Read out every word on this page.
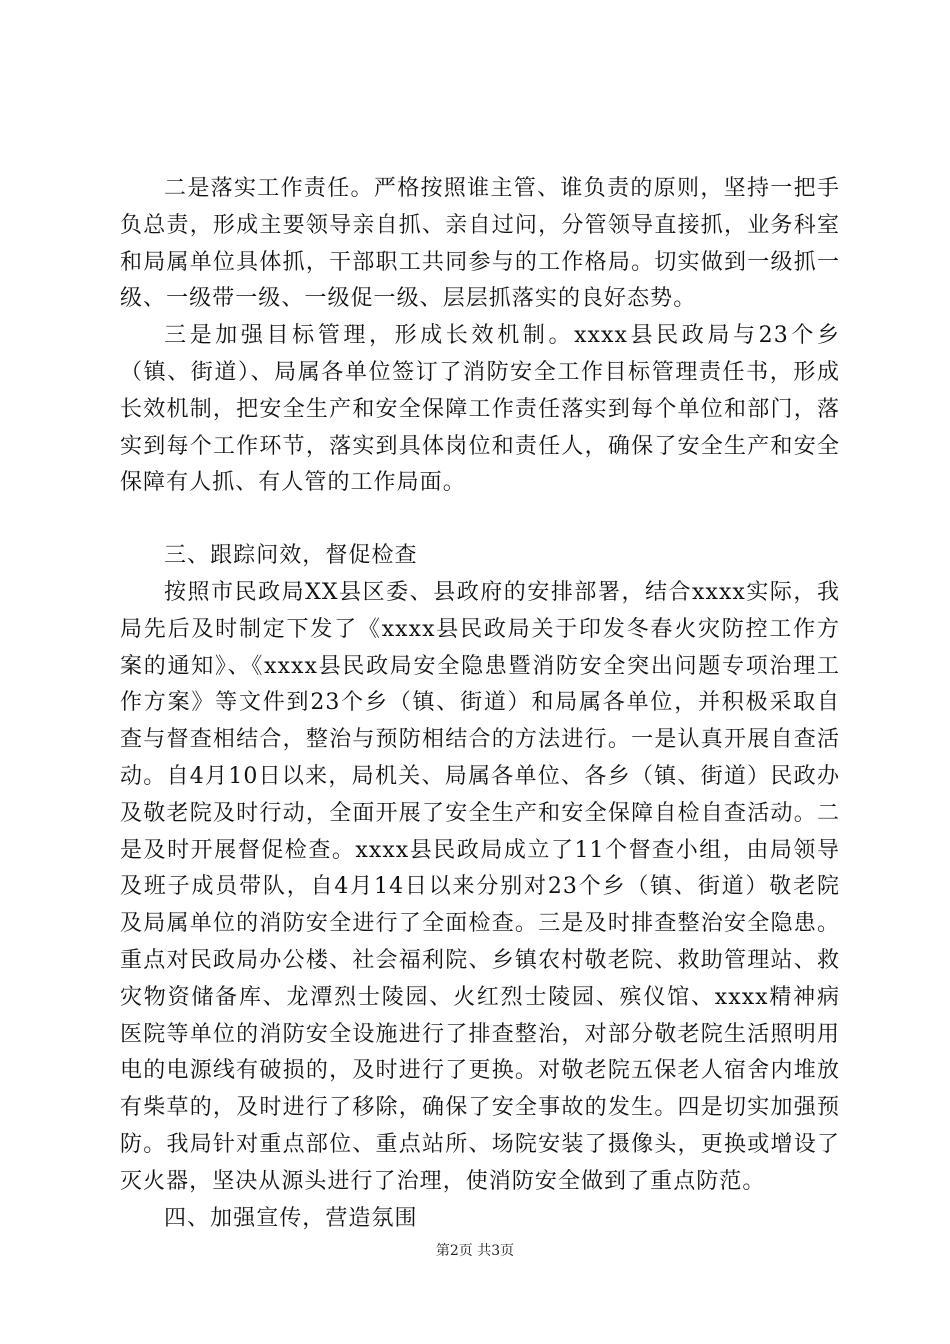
二是落实工作责任。严格按照谁主管、谁负责的原则，坚持一把手负总责，形成主要领导亲自抓、亲自过问，分管领导直接抓，业务科室和局属单位具体抓，干部职工共同参与的工作格局。切实做到一级抓一级、一级带一级、一级促一级、层层抓落实的良好态势。

三是加强目标管理，形成长效机制。xxxx县民政局与23个乡（镇、街道）、局属各单位签订了消防安全工作目标管理责任书，形成长效机制，把安全生产和安全保障工作责任落实到每个单位和部门，落实到每个工作环节，落实到具体岗位和责任人，确保了安全生产和安全保障有人抓、有人管的工作局面。

三、跟踪问效，督促检查

按照市民政局XX县区委、县政府的安排部署，结合xxxx实际，我局先后及时制定下发了《xxxx县民政局关于印发冬春火灾防控工作方案的通知》、《xxxx县民政局安全隐患暨消防安全突出问题专项治理工作方案》等文件到23个乡（镇、街道）和局属各单位，并积极采取自查与督查相结合，整治与预防相结合的方法进行。一是认真开展自查活动。自4月10日以来，局机关、局属各单位、各乡（镇、街道）民政办及敬老院及时行动，全面开展了安全生产和安全保障自检自查活动。二是及时开展督促检查。xxxx县民政局成立了11个督查小组，由局领导及班子成员带队，自4月14日以来分别对23个乡（镇、街道）敬老院及局属单位的消防安全进行了全面检查。三是及时排查整治安全隐患。重点对民政局办公楼、社会福利院、乡镇农村敬老院、救助管理站、救灾物资储备库、龙潭烈士陵园、火红烈士陵园、殡仪馆、xxxx精神病医院等单位的消防安全设施进行了排查整治，对部分敬老院生活照明用电的电源线有破损的，及时进行了更换。对敬老院五保老人宿舍内堆放有柴草的，及时进行了移除，确保了安全事故的发生。四是切实加强预防。我局针对重点部位、重点站所、场院安装了摄像头，更换或增设了灭火器，坚决从源头进行了治理，使消防安全做到了重点防范。

四、加强宣传，营造氛围

第2页 共3页
